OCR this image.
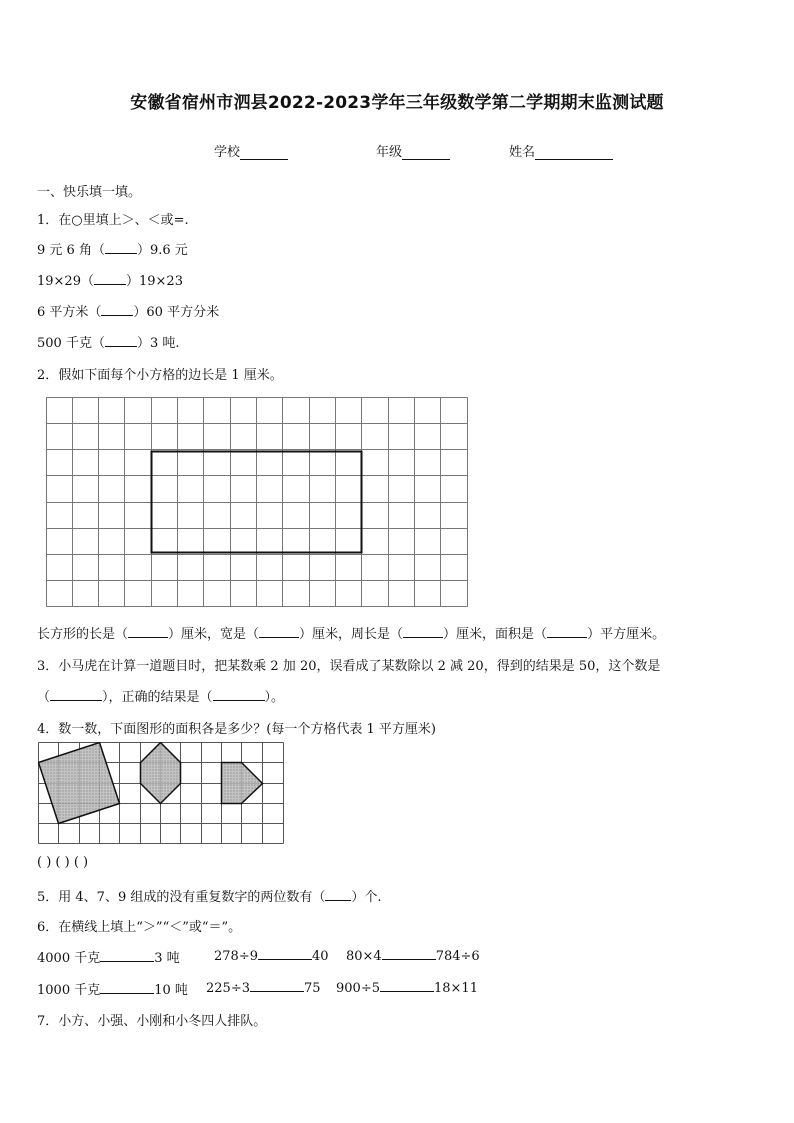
安徽省宿州市泗县2022-2023学年三年级数学第二学期期末监测试题
学校	年级	姓名
一、快乐填一填。
1．在○里填上＞、＜或=.
9 元 6 角（ ）9.6 元
19×29（ ）19×23
6 平方米（ ）60 平方分米
500 千克（ ）3 吨.
2．假如下面每个小方格的边长是 1 厘米。
长方形的长是（	）厘米，宽是（	）厘米，周长是（	）厘米，面积是（	）平方厘米。
3．小马虎在计算一道题目时，把某数乘 2 加 20，误看成了某数除以 2 减 20，得到的结果是 50，这个数是
（	），正确的结果是（	）。
4．数一数，下面图形的面积各是多少？(每一个方格代表 1 平方厘米)
( ) ( ) ( )
5．用 4、7、9 组成的没有重复数字的两位数有（ ）个.
6．在横线上填上“＞”“＜”或“＝”。
4000 千克	3 吨	278÷9	40 80×4	784÷6
1000 千克	10 吨 225÷3	75 900÷5	18×11
7．小方、小强、小刚和小冬四人排队。
